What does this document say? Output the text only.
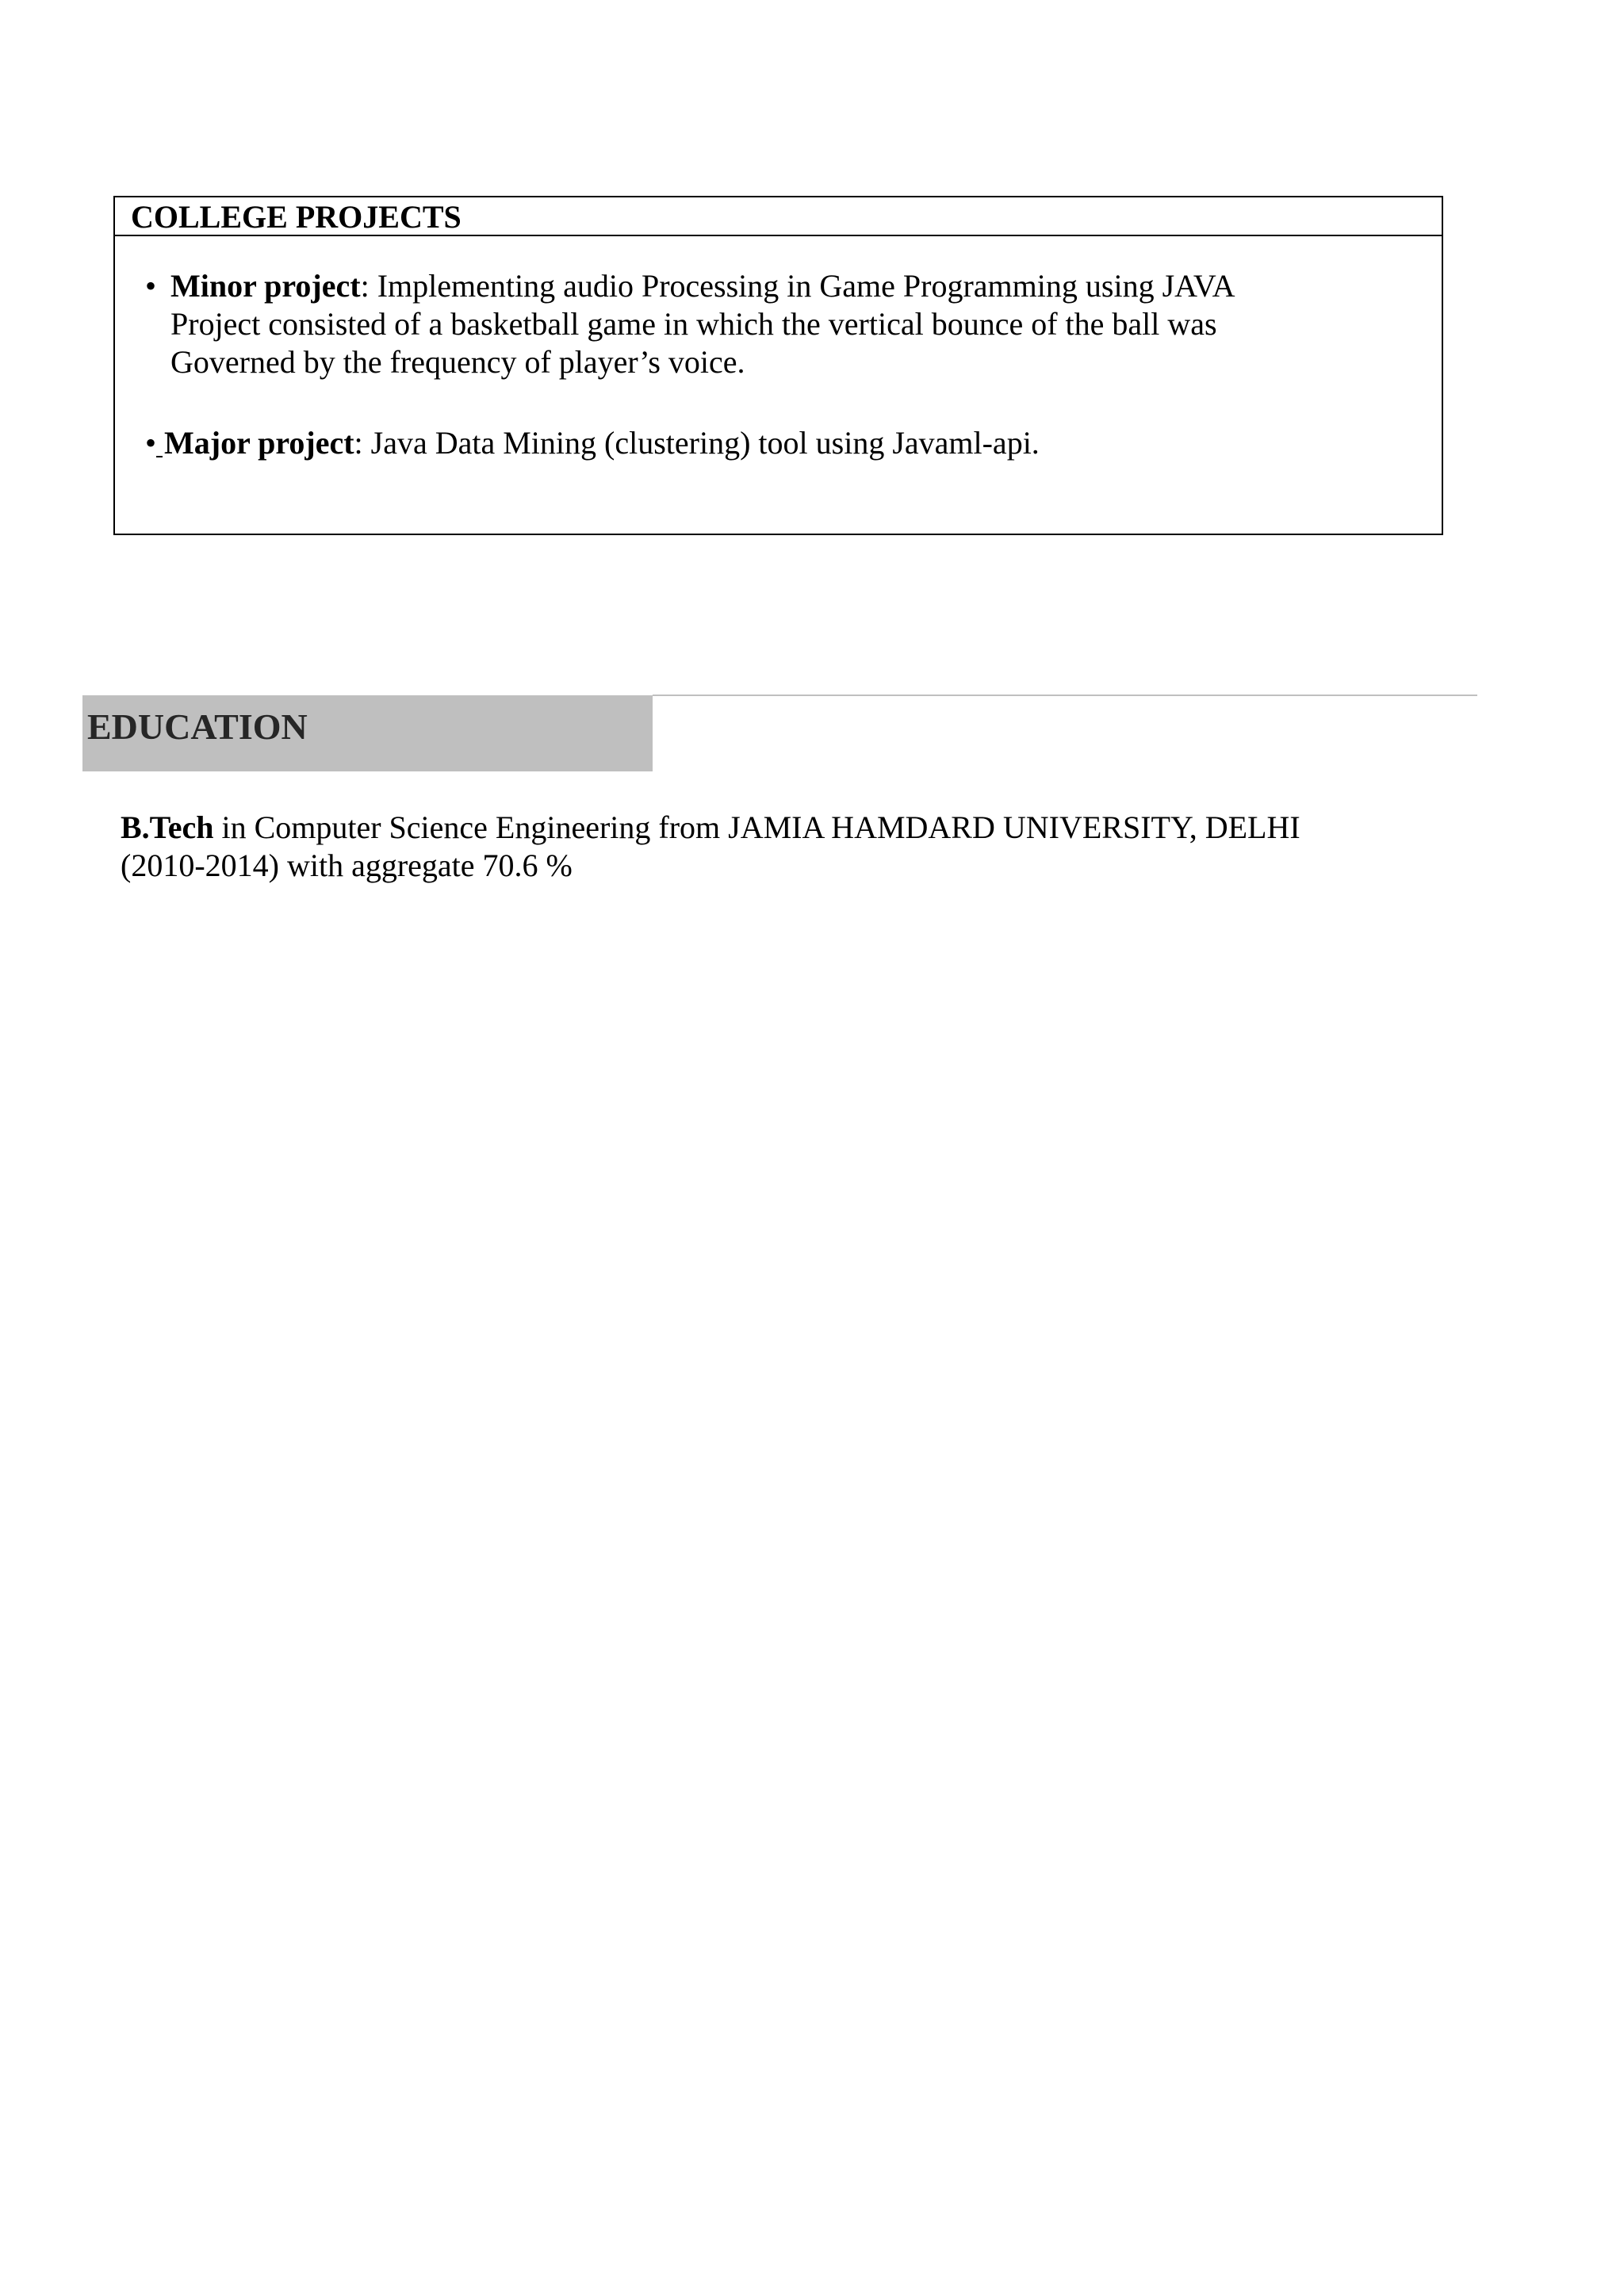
COLLEGE PROJECTS
• Minor project: Implementing audio Processing in Game Programming using JAVA
Project consisted of a basketball game in which the vertical bounce of the ball was
Governed by the frequency of player’s voice.
• Major project: Java Data Mining (clustering) tool using Javaml-api.
EDUCATION
B.Tech in Computer Science Engineering from JAMIA HAMDARD UNIVERSITY, DELHI
(2010-2014) with aggregate 70.6 %
